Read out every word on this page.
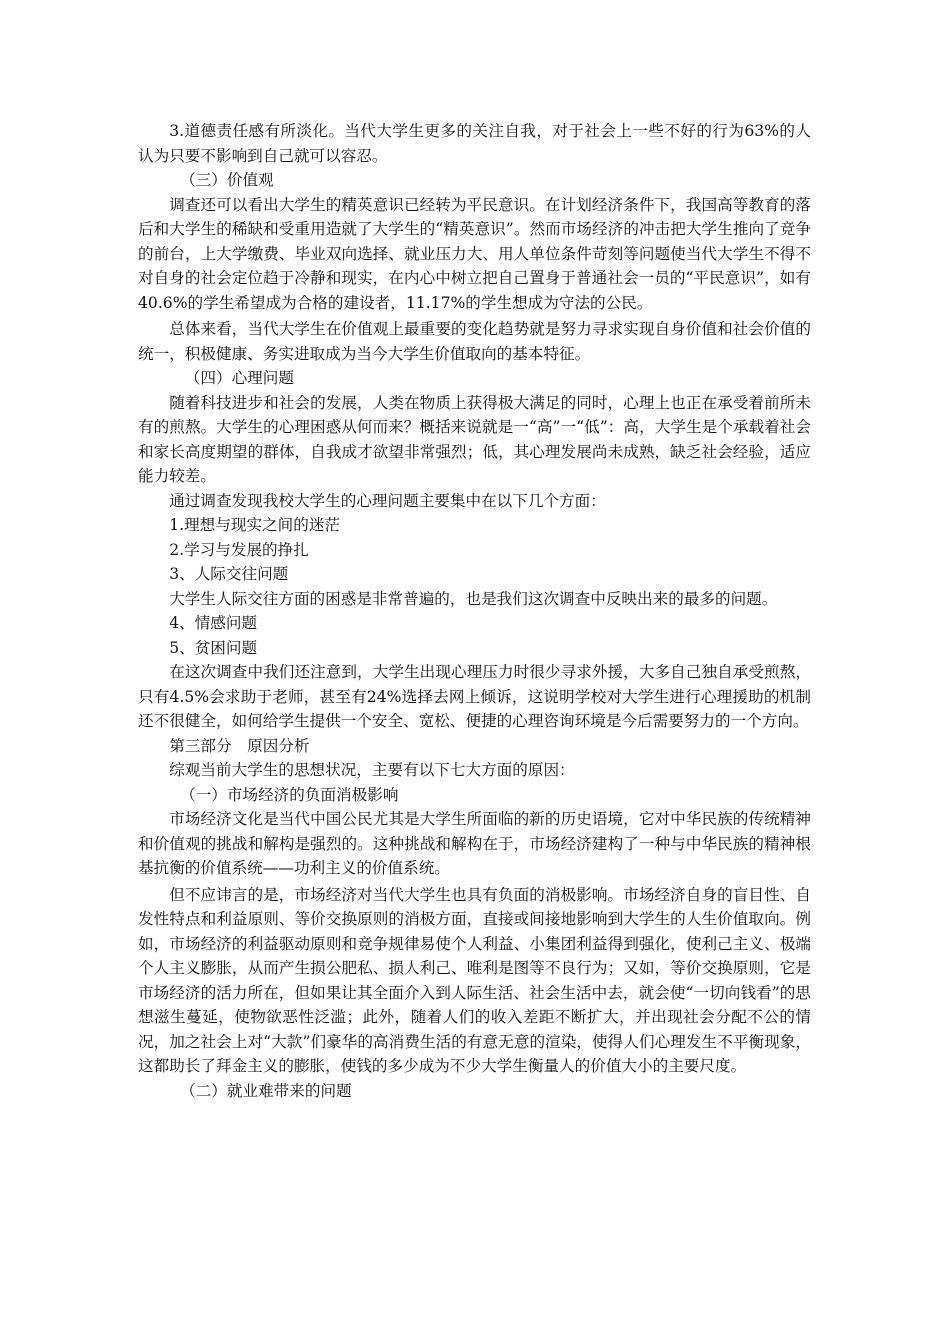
3.道德责任感有所淡化。当代大学生更多的关注自我，对于社会上一些不好的行为63%的人认为只要不影响到自己就可以容忍。

（三）价值观

调查还可以看出大学生的精英意识已经转为平民意识。在计划经济条件下，我国高等教育的落后和大学生的稀缺和受重用造就了大学生的“精英意识”。然而市场经济的冲击把大学生推向了竞争的前台，上大学缴费、毕业双向选择、就业压力大、用人单位条件苛刻等问题使当代大学生不得不对自身的社会定位趋于冷静和现实，在内心中树立把自己置身于普通社会一员的“平民意识”，如有40.6%的学生希望成为合格的建设者，11.17%的学生想成为守法的公民。

总体来看，当代大学生在价值观上最重要的变化趋势就是努力寻求实现自身价值和社会价值的统一，积极健康、务实进取成为当今大学生价值取向的基本特征。

（四）心理问题

随着科技进步和社会的发展，人类在物质上获得极大满足的同时，心理上也正在承受着前所未有的煎熬。大学生的心理困惑从何而来？概括来说就是一“高”一“低”：高，大学生是个承载着社会和家长高度期望的群体，自我成才欲望非常强烈；低，其心理发展尚未成熟，缺乏社会经验，适应能力较差。

通过调查发现我校大学生的心理问题主要集中在以下几个方面：

1.理想与现实之间的迷茫

2.学习与发展的挣扎

3、人际交往问题

大学生人际交往方面的困惑是非常普遍的，也是我们这次调查中反映出来的最多的问题。

4、情感问题

5、贫困问题

在这次调查中我们还注意到，大学生出现心理压力时很少寻求外援，大多自己独自承受煎熬，只有4.5%会求助于老师，甚至有24%选择去网上倾诉，这说明学校对大学生进行心理援助的机制还不很健全，如何给学生提供一个安全、宽松、便捷的心理咨询环境是今后需要努力的一个方向。

第三部分　原因分析

综观当前大学生的思想状况，主要有以下七大方面的原因：

（一）市场经济的负面消极影响

市场经济文化是当代中国公民尤其是大学生所面临的新的历史语境，它对中华民族的传统精神和价值观的挑战和解构是强烈的。这种挑战和解构在于，市场经济建构了一种与中华民族的精神根基抗衡的价值系统——功利主义的价值系统。

但不应讳言的是，市场经济对当代大学生也具有负面的消极影响。市场经济自身的盲目性、自发性特点和利益原则、等价交换原则的消极方面，直接或间接地影响到大学生的人生价值取向。例如，市场经济的利益驱动原则和竞争规律易使个人利益、小集团利益得到强化，使利己主义、极端个人主义膨胀，从而产生损公肥私、损人利己、唯利是图等不良行为；又如，等价交换原则，它是市场经济的活力所在，但如果让其全面介入到人际生活、社会生活中去，就会使“一切向钱看”的思想滋生蔓延，使物欲恶性泛滥；此外，随着人们的收入差距不断扩大，并出现社会分配不公的情况，加之社会上对“大款”们豪华的高消费生活的有意无意的渲染，使得人们心理发生不平衡现象，这都助长了拜金主义的膨胀，使钱的多少成为不少大学生衡量人的价值大小的主要尺度。

（二）就业难带来的问题
